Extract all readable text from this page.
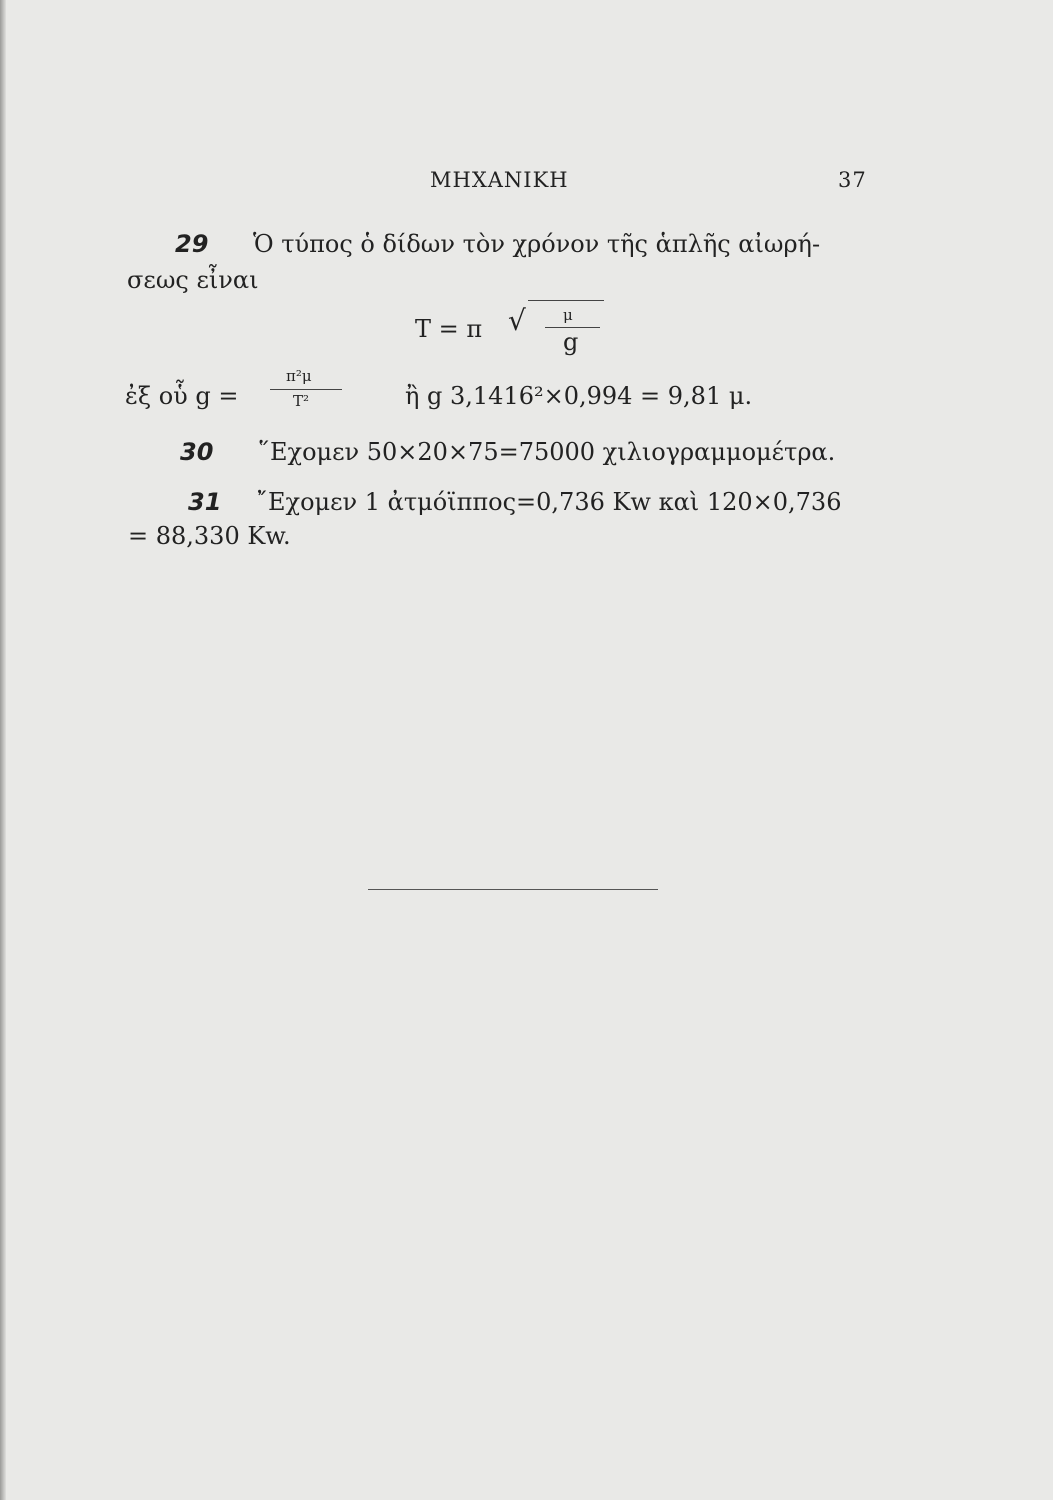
ΜΗΧΑΝΙΚΗ	37
29 Ὁ τύπος ὁ δίδων τὸν χρόνον τῆς ἁπλῆς αἰωρή-
σεως εἶναι
T = π √ μ
g
ἐξ οὗ g =
π²μ
T²	ἢ g 3,1416²×0,994 = 9,81 μ.
30 ῞Εχομεν 50×20×75=75000 χιλιογραμμομέτρα.
31 ῎Εχομεν 1 ἀτμόϊππος=0,736 Kw καὶ 120×0,736
= 88,330 Kw.
